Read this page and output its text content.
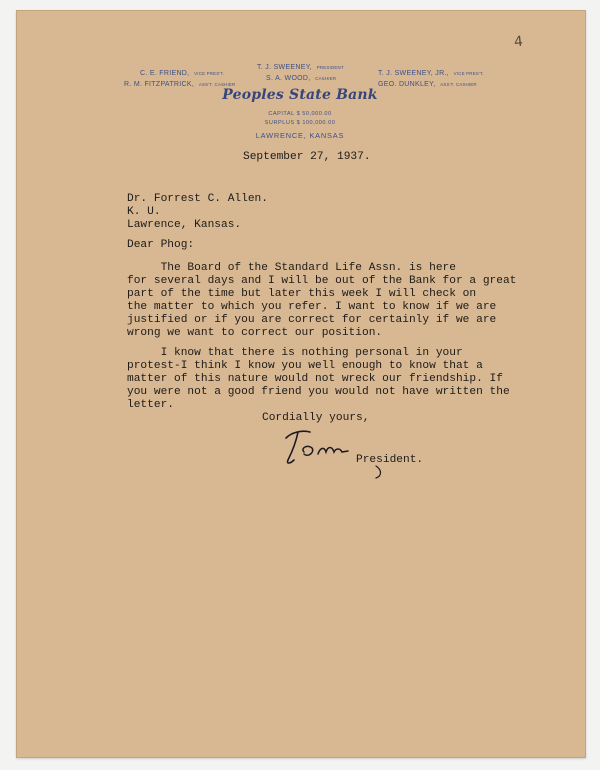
4
C. E. FRIEND, VICE PRES'T.
R. M. FITZPATRICK, ASS'T. CASHIER
T. J. SWEENEY, PRESIDENT
S. A. WOOD, CASHIER
T. J. SWEENEY, JR., VICE PRES'T.
GEO. DUNKLEY, ASS'T. CASHIER
Peoples State Bank
CAPITAL $ 50,000.00
SURPLUS $ 100,000.00
LAWRENCE, KANSAS
September 27, 1937.
Dr. Forrest C. Allen.
K. U.
Lawrence, Kansas.
Dear Phog:
The Board of the Standard Life Assn. is here
for several days and I will be out of the Bank for a great
part of the time but later this week I will check on
the matter to which you refer. I want to know if we are
justified or if you are correct for certainly if we are
wrong we want to correct our position.
I know that there is nothing personal in your
protest-I think I know you well enough to know that a
matter of this nature would not wreck our friendship. If
you were not a good friend you would not have written the
letter.
Cordially yours,
President.
